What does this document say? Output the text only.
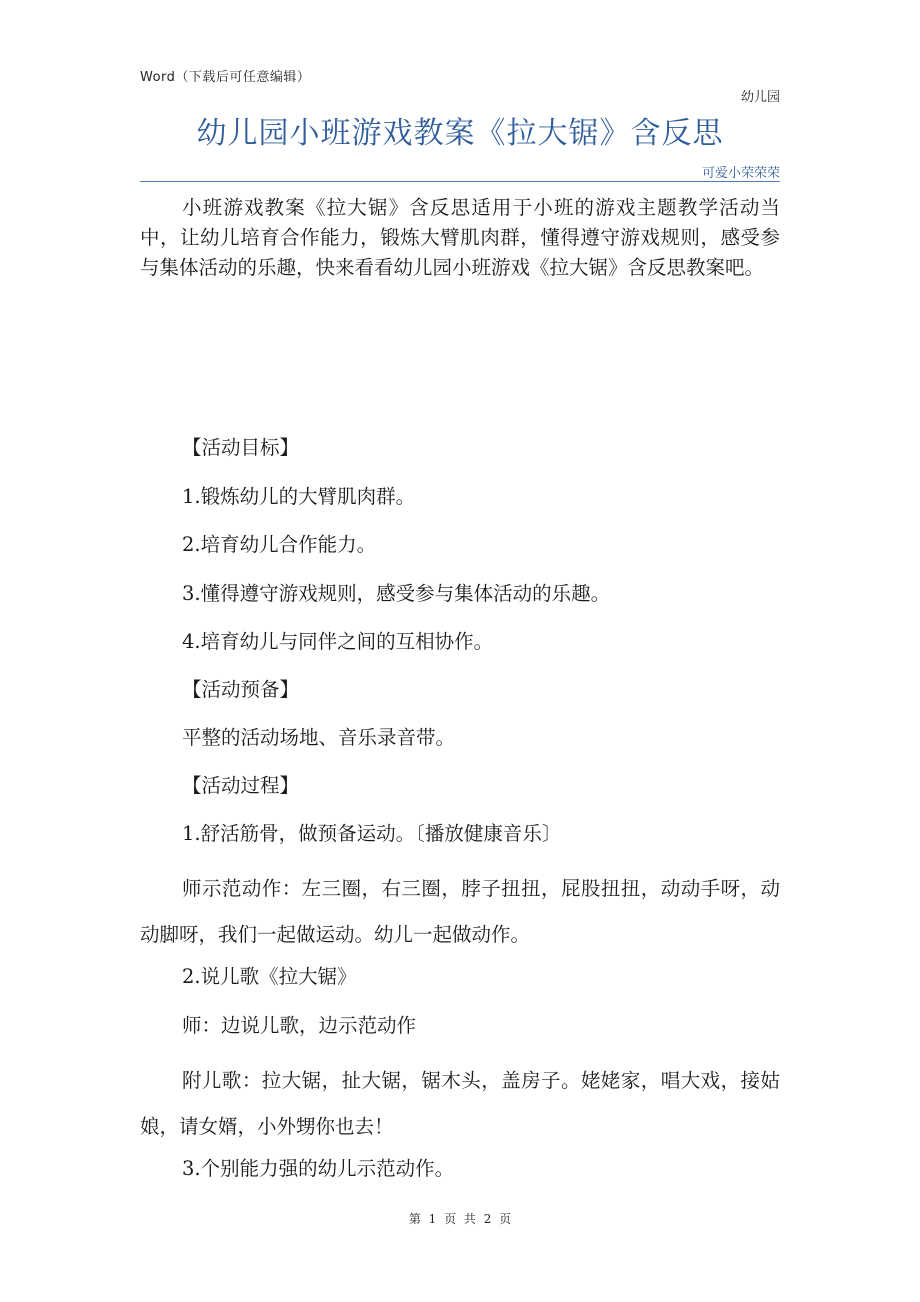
Word（下载后可任意编辑）
幼儿园
幼儿园小班游戏教案《拉大锯》含反思
可爱小荣荣荣

小班游戏教案《拉大锯》含反思适用于小班的游戏主题教学活动当中，让幼儿培育合作能力，锻炼大臂肌肉群，懂得遵守游戏规则，感受参与集体活动的乐趣，快来看看幼儿园小班游戏《拉大锯》含反思教案吧。

【活动目标】

1.锻炼幼儿的大臂肌肉群。

2.培育幼儿合作能力。

3.懂得遵守游戏规则，感受参与集体活动的乐趣。

4.培育幼儿与同伴之间的互相协作。

【活动预备】

平整的活动场地、音乐录音带。

【活动过程】

1.舒活筋骨，做预备运动。〔播放健康音乐〕

师示范动作：左三圈，右三圈，脖子扭扭，屁股扭扭，动动手呀，动动脚呀，我们一起做运动。幼儿一起做动作。

2.说儿歌《拉大锯》

师：边说儿歌，边示范动作

附儿歌：拉大锯，扯大锯，锯木头，盖房子。姥姥家，唱大戏，接姑娘，请女婿，小外甥你也去！

3.个别能力强的幼儿示范动作。

第 1 页 共 2 页
